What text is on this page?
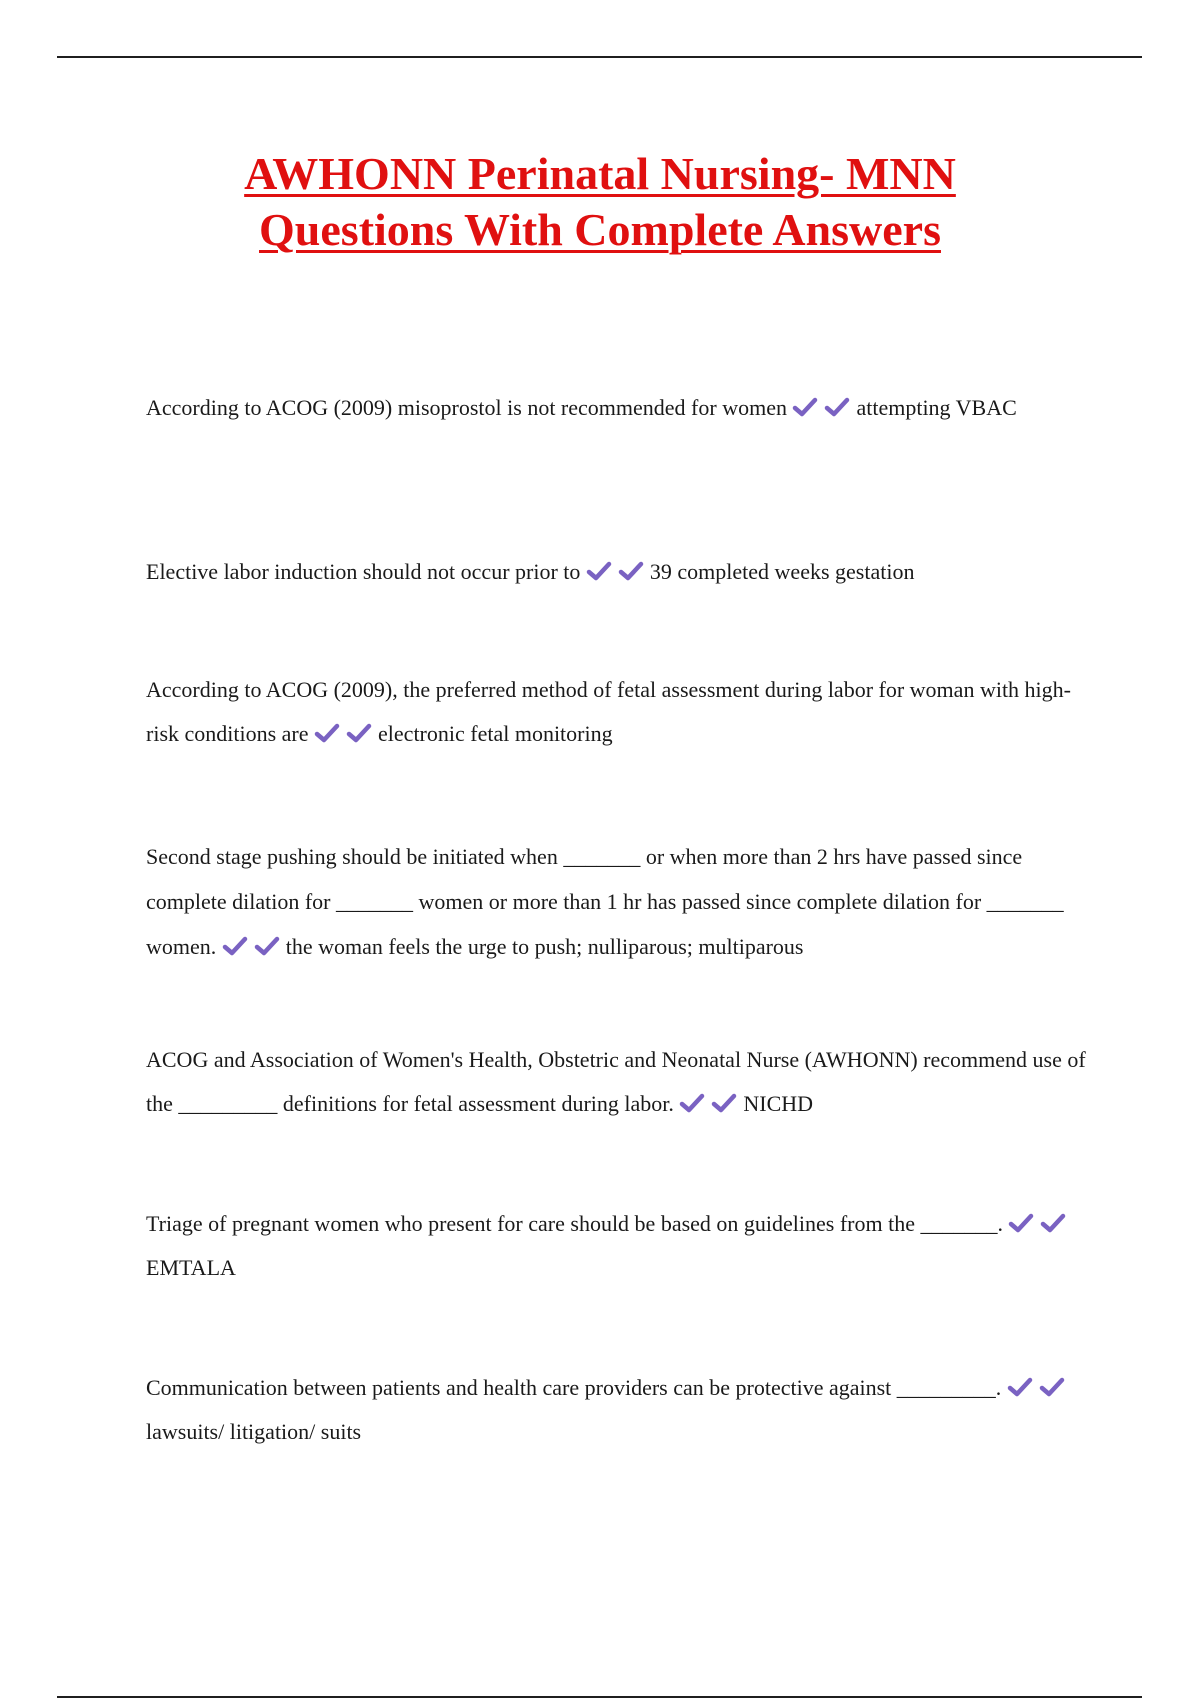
AWHONN Perinatal Nursing- MNN
Questions With Complete Answers

According to ACOG (2009) misoprostol is not recommended for women	attempting VBAC

Elective labor induction should not occur prior to	39 completed weeks gestation

According to ACOG (2009), the preferred method of fetal assessment during labor for woman with high-risk conditions are	electronic fetal monitoring

Second stage pushing should be initiated when _______ or when more than 2 hrs have passed since complete dilation for _______ women or more than 1 hr has passed since complete dilation for _______ women.	the woman feels the urge to push; nulliparous; multiparous

ACOG and Association of Women's Health, Obstetric and Neonatal Nurse (AWHONN) recommend use of the _________ definitions for fetal assessment during labor.	NICHD

Triage of pregnant women who present for care should be based on guidelines from the _______.
EMTALA

Communication between patients and health care providers can be protective against _________.
lawsuits/ litigation/ suits
